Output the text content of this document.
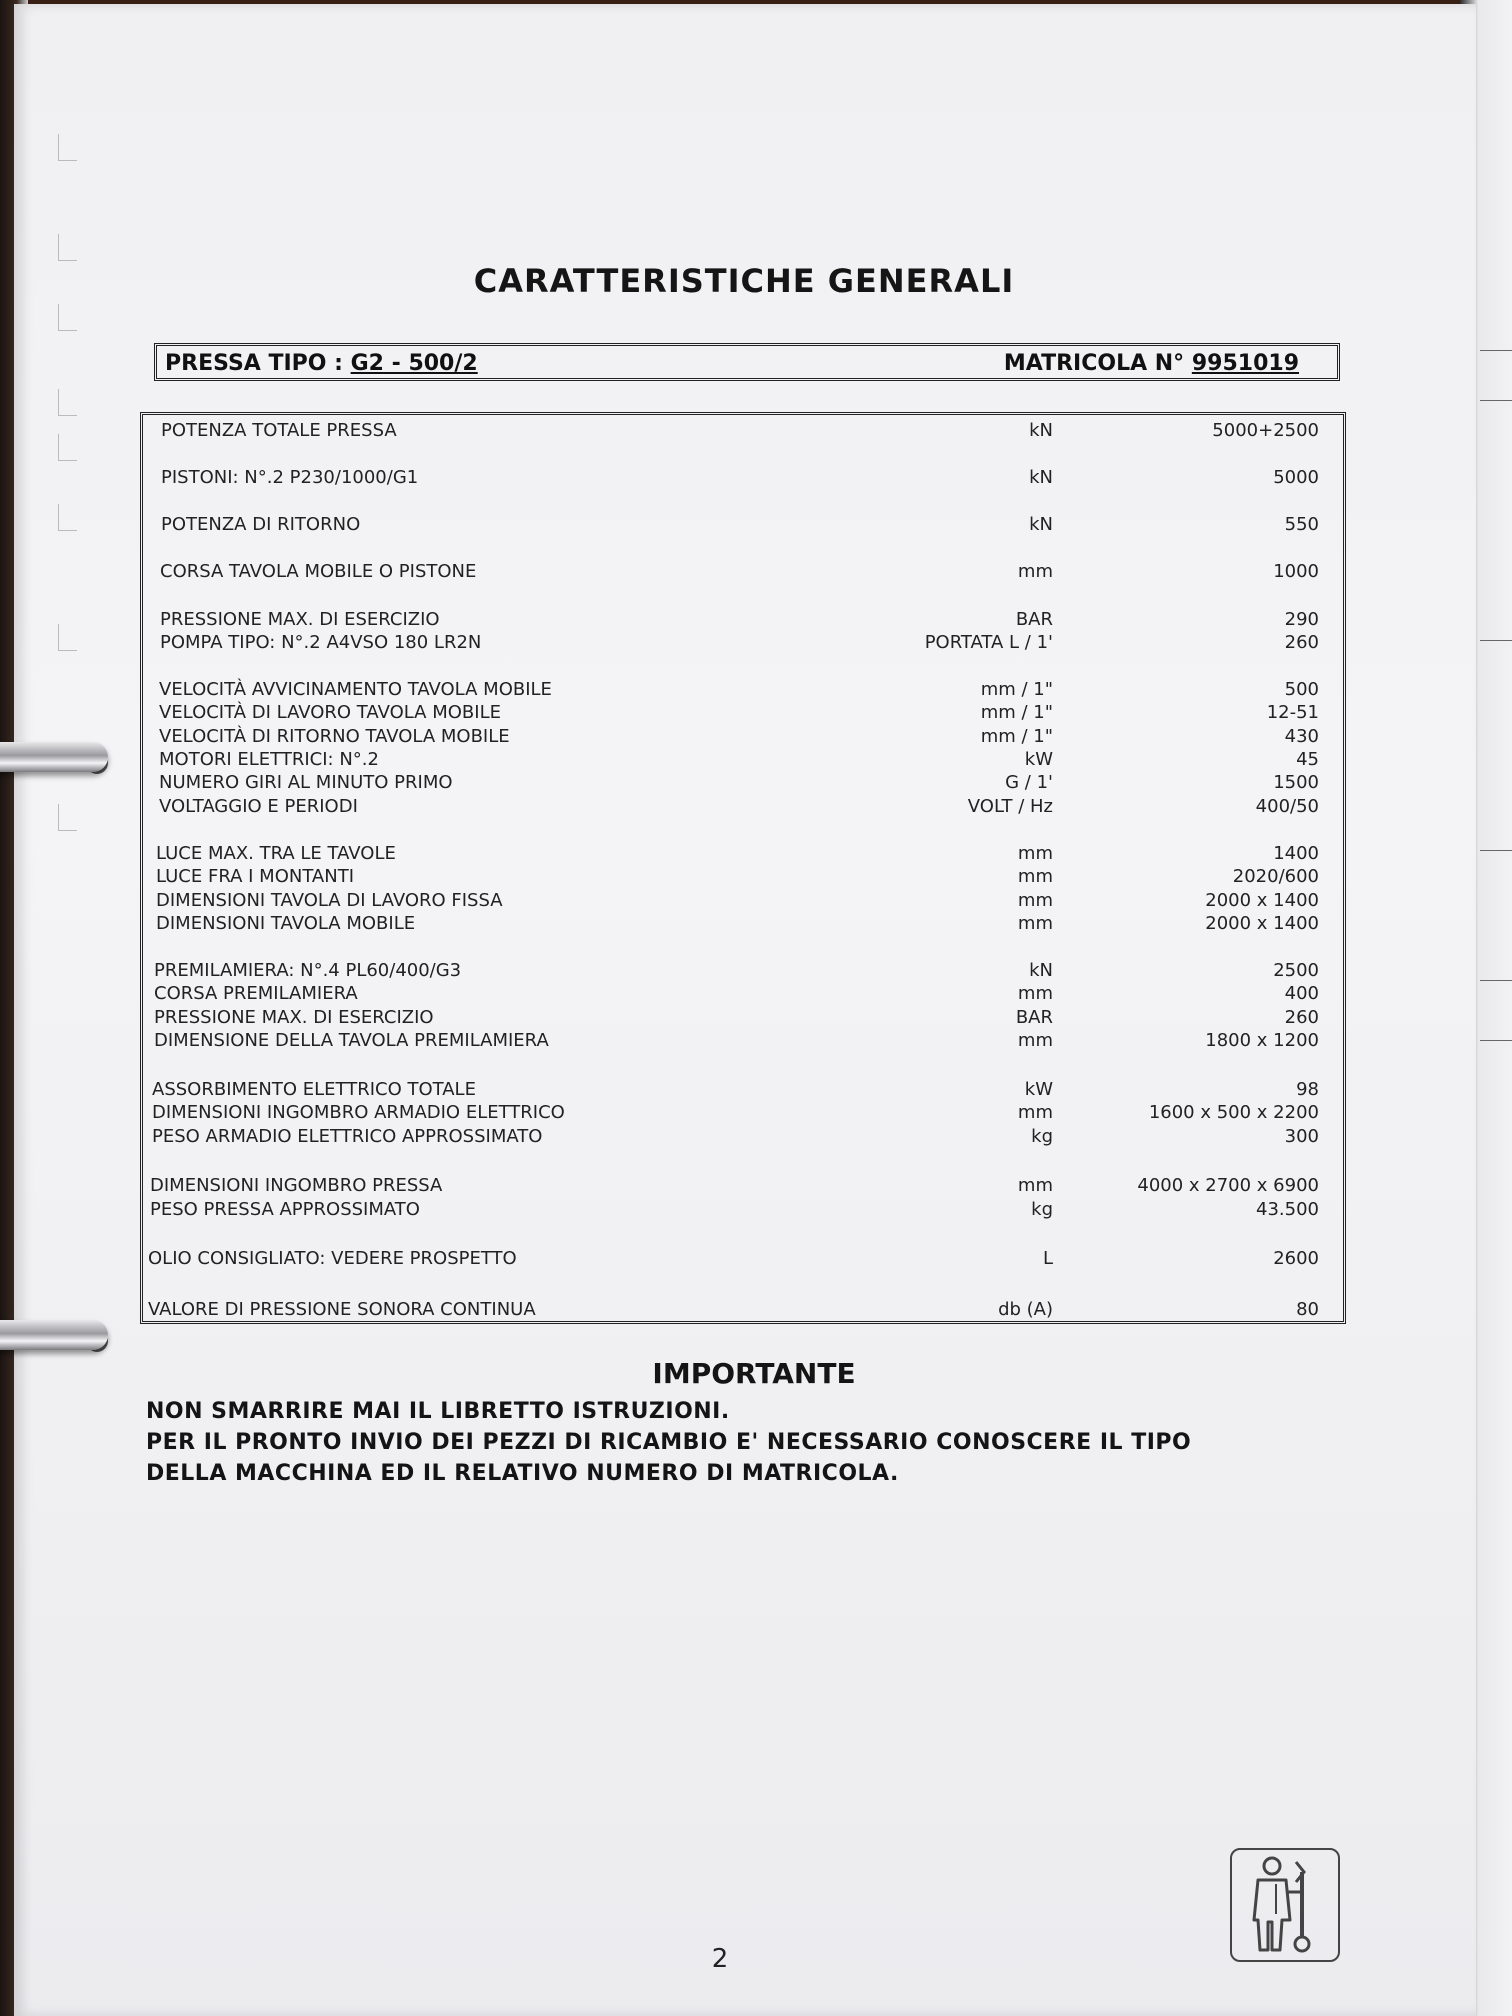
CARATTERISTICHE GENERALI
PRESSA TIPO : G2 - 500/2	MATRICOLA N° 9951019
POTENZA TOTALE PRESSA	kN	5000+2500
PISTONI: N°.2 P230/1000/G1	kN	5000
POTENZA DI RITORNO	kN	550
CORSA TAVOLA MOBILE O PISTONE	mm	1000
PRESSIONE MAX. DI ESERCIZIO	BAR	290
POMPA TIPO: N°.2 A4VSO 180 LR2N	PORTATA L / 1'	260
VELOCITÀ AVVICINAMENTO TAVOLA MOBILE	mm / 1"	500
VELOCITÀ DI LAVORO TAVOLA MOBILE	mm / 1"	12-51
VELOCITÀ DI RITORNO TAVOLA MOBILE	mm / 1"	430
MOTORI ELETTRICI: N°.2	kW	45
NUMERO GIRI AL MINUTO PRIMO	G / 1'	1500
VOLTAGGIO E PERIODI	VOLT / Hz	400/50
LUCE MAX. TRA LE TAVOLE	mm	1400
LUCE FRA I MONTANTI	mm	2020/600
DIMENSIONI TAVOLA DI LAVORO FISSA	mm	2000 x 1400
DIMENSIONI TAVOLA MOBILE	mm	2000 x 1400
PREMILAMIERA: N°.4 PL60/400/G3	kN	2500
CORSA PREMILAMIERA	mm	400
PRESSIONE MAX. DI ESERCIZIO	BAR	260
DIMENSIONE DELLA TAVOLA PREMILAMIERA	mm	1800 x 1200
ASSORBIMENTO ELETTRICO TOTALE	kW	98
DIMENSIONI INGOMBRO ARMADIO ELETTRICO	mm	1600 x 500 x 2200
PESO ARMADIO ELETTRICO APPROSSIMATO	kg	300
DIMENSIONI INGOMBRO PRESSA	mm	4000 x 2700 x 6900
PESO PRESSA APPROSSIMATO	kg	43.500
OLIO CONSIGLIATO: VEDERE PROSPETTO	L	2600
VALORE DI PRESSIONE SONORA CONTINUA	db (A)	80
IMPORTANTE
NON SMARRIRE MAI IL LIBRETTO ISTRUZIONI.
PER IL PRONTO INVIO DEI PEZZI DI RICAMBIO E' NECESSARIO CONOSCERE IL TIPO
DELLA MACCHINA ED IL RELATIVO NUMERO DI MATRICOLA.
2
